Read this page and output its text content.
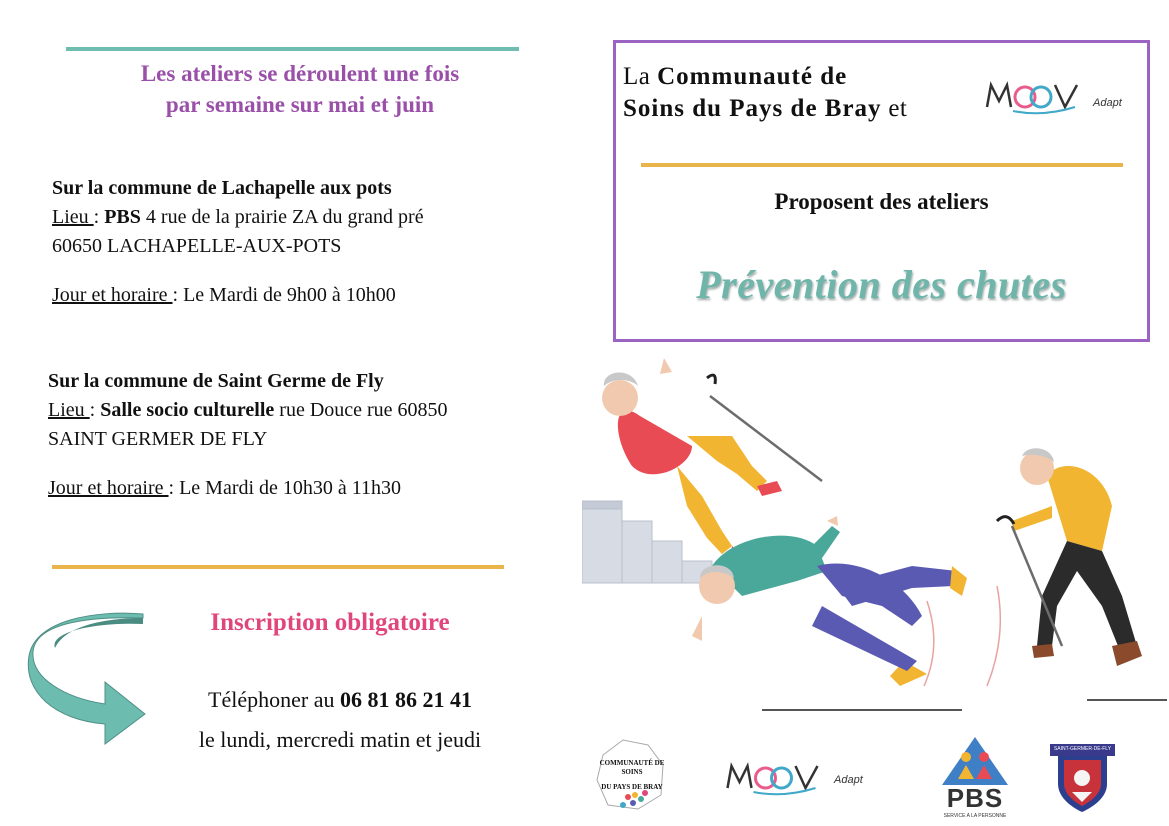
Les ateliers se déroulent une fois
par semaine sur mai et juin
Sur la commune de Lachapelle aux pots
Lieu : PBS 4 rue de la prairie ZA du grand pré
60650 LACHAPELLE-AUX-POTS
Jour et horaire : Le Mardi de 9h00 à 10h00
Sur la commune de Saint Germe de Fly
Lieu : Salle socio culturelle rue Douce rue 60850
SAINT GERMER DE FLY
Jour et horaire : Le Mardi de 10h30 à 11h30
Inscription obligatoire
Téléphoner au 06 81 86 21 41
le lundi, mercredi matin et jeudi
La Communauté de
Soins du Pays de Bray et	Adapt
Proposent des ateliers
Prévention des chutes
COMMUNAUTÉ DE SOINS
DU PAYS DE BRAY
Adapt
PBS
SERVICE A LA PERSONNE
SAINT-GERMER-DE-FLY
